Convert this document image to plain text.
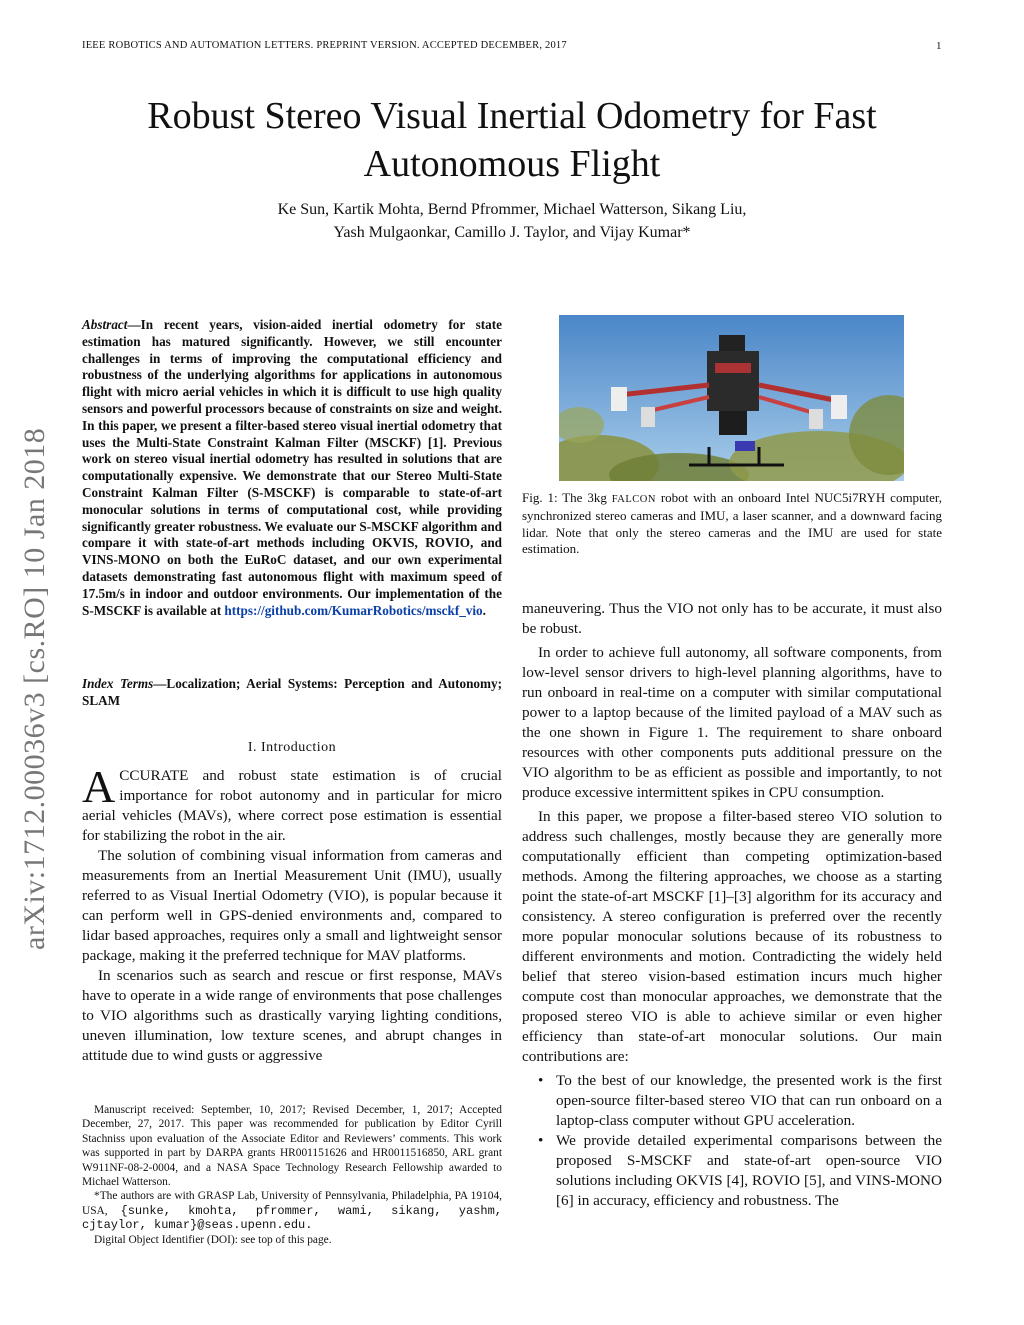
IEEE ROBOTICS AND AUTOMATION LETTERS. PREPRINT VERSION. ACCEPTED DECEMBER, 2017	1
Robust Stereo Visual Inertial Odometry for Fast
Autonomous Flight
Ke Sun, Kartik Mohta, Bernd Pfrommer, Michael Watterson, Sikang Liu,
Yash Mulgaonkar, Camillo J. Taylor, and Vijay Kumar*
arXiv:1712.00036v3 [cs.RO] 10 Jan 2018
Abstract—In recent years, vision-aided inertial odometry for state estimation has matured significantly. However, we still encounter challenges in terms of improving the computational efficiency and robustness of the underlying algorithms for applications in autonomous flight with micro aerial vehicles in which it is difficult to use high quality sensors and powerful processors because of constraints on size and weight. In this paper, we present a filter-based stereo visual inertial odometry that uses the Multi-State Constraint Kalman Filter (MSCKF) [1]. Previous work on stereo visual inertial odometry has resulted in solutions that are computationally expensive. We demonstrate that our Stereo Multi-State Constraint Kalman Filter (S-MSCKF) is comparable to state-of-art monocular solutions in terms of computational cost, while providing significantly greater robustness. We evaluate our S-MSCKF algorithm and compare it with state-of-art methods including OKVIS, ROVIO, and VINS-MONO on both the EuRoC dataset, and our own experimental datasets demonstrating fast autonomous flight with maximum speed of 17.5m/s in indoor and outdoor environments. Our implementation of the S-MSCKF is available at https://github.com/KumarRobotics/msckf_vio.
Index Terms—Localization; Aerial Systems: Perception and Autonomy; SLAM
I. Introduction

ACCURATE and robust state estimation is of crucial importance for robot autonomy and in particular for micro aerial vehicles (MAVs), where correct pose estimation is essential for stabilizing the robot in the air.

The solution of combining visual information from cameras and measurements from an Inertial Measurement Unit (IMU), usually referred to as Visual Inertial Odometry (VIO), is popular because it can perform well in GPS-denied environments and, compared to lidar based approaches, requires only a small and lightweight sensor package, making it the preferred technique for MAV platforms.

In scenarios such as search and rescue or first response, MAVs have to operate in a wide range of environments that pose challenges to VIO algorithms such as drastically varying lighting conditions, uneven illumination, low texture scenes, and abrupt changes in attitude due to wind gusts or aggressive

Manuscript received: September, 10, 2017; Revised December, 1, 2017; Accepted December, 27, 2017. This paper was recommended for publication by Editor Cyrill Stachniss upon evaluation of the Associate Editor and Reviewers’ comments. This work was supported in part by DARPA grants HR001151626 and HR0011516850, ARL grant W911NF-08-2-0004, and a NASA Space Technology Research Fellowship awarded to Michael Watterson.

*The authors are with GRASP Lab, University of Pennsylvania, Philadelphia, PA 19104, USA, {sunke, kmohta, pfrommer, wami, sikang, yashm, cjtaylor, kumar}@seas.upenn.edu.

Digital Object Identifier (DOI): see top of this page.

Fig. 1: The 3kg FALCON robot with an onboard Intel NUC5i7RYH computer, synchronized stereo cameras and IMU, a laser scanner, and a downward facing lidar. Note that only the stereo cameras and the IMU are used for state estimation.

maneuvering. Thus the VIO not only has to be accurate, it must also be robust.

In order to achieve full autonomy, all software components, from low-level sensor drivers to high-level planning algorithms, have to run onboard in real-time on a computer with similar computational power to a laptop because of the limited payload of a MAV such as the one shown in Figure 1. The requirement to share onboard resources with other components puts additional pressure on the VIO algorithm to be as efficient as possible and importantly, to not produce excessive intermittent spikes in CPU consumption.

In this paper, we propose a filter-based stereo VIO solution to address such challenges, mostly because they are generally more computationally efficient than competing optimization-based methods. Among the filtering approaches, we choose as a starting point the state-of-art MSCKF [1]–[3] algorithm for its accuracy and consistency. A stereo configuration is preferred over the recently more popular monocular solutions because of its robustness to different environments and motion. Contradicting the widely held belief that stereo vision-based estimation incurs much higher compute cost than monocular approaches, we demonstrate that the proposed stereo VIO is able to achieve similar or even higher efficiency than state-of-art monocular solutions. Our main contributions are:

• To the best of our knowledge, the presented work is the first open-source filter-based stereo VIO that can run onboard on a laptop-class computer without GPU acceleration.
• We provide detailed experimental comparisons between the proposed S-MSCKF and state-of-art open-source VIO solutions including OKVIS [4], ROVIO [5], and VINS-MONO [6] in accuracy, efficiency and robustness. The
